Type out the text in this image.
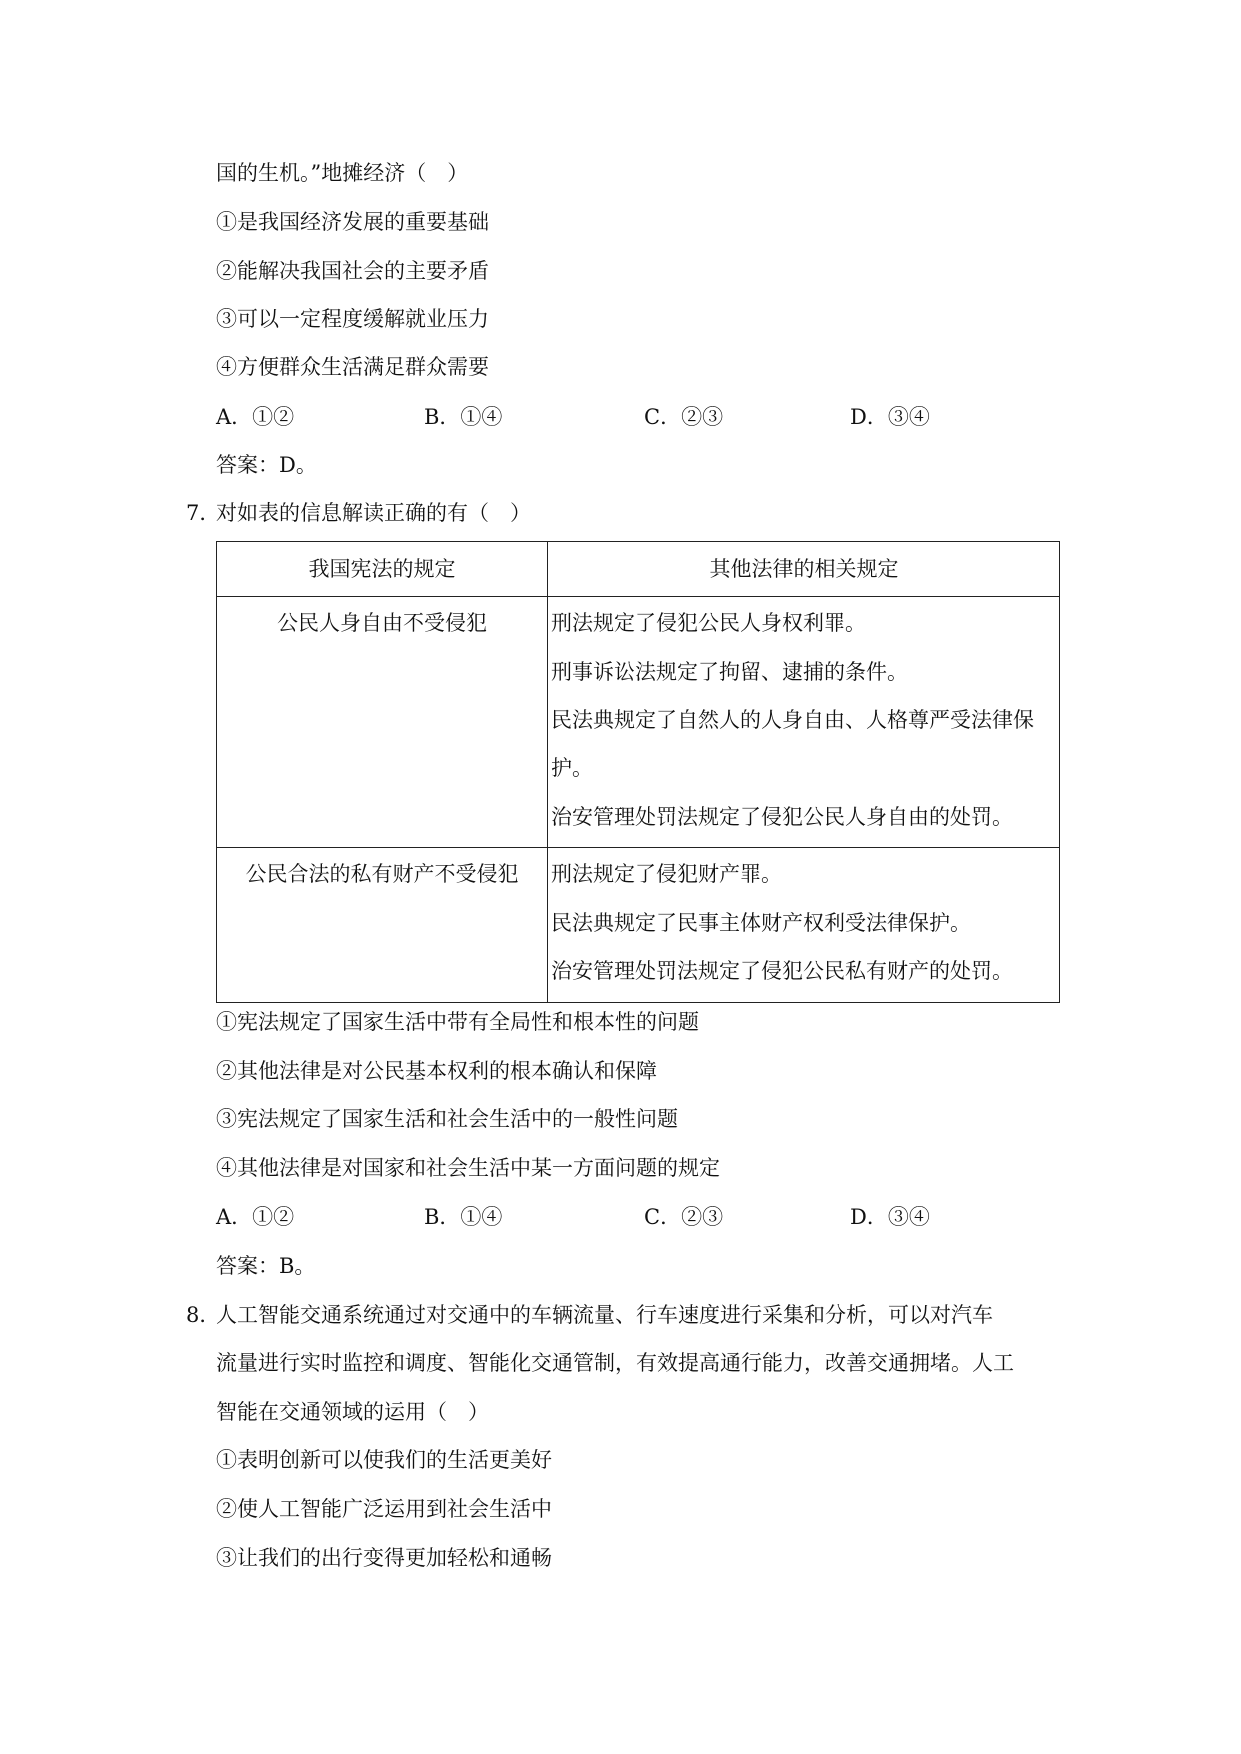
国的生机。”地摊经济（　）
①是我国经济发展的重要基础
②能解决我国社会的主要矛盾
③可以一定程度缓解就业压力
④方便群众生活满足群众需要
A．①②	B．①④	C．②③	D．③④
答案：D。
7．
对如表的信息解读正确的有（　）
我国宪法的规定	其他法律的相关规定
公民人身自由不受侵犯	刑法规定了侵犯公民人身权利罪。
刑事诉讼法规定了拘留、逮捕的条件。
民法典规定了自然人的人身自由、人格尊严受法律保
护。
治安管理处罚法规定了侵犯公民人身自由的处罚。
公民合法的私有财产不受侵犯	刑法规定了侵犯财产罪。
民法典规定了民事主体财产权利受法律保护。
治安管理处罚法规定了侵犯公民私有财产的处罚。
①宪法规定了国家生活中带有全局性和根本性的问题
②其他法律是对公民基本权利的根本确认和保障
③宪法规定了国家生活和社会生活中的一般性问题
④其他法律是对国家和社会生活中某一方面问题的规定
A．①②	B．①④	C．②③	D．③④
答案：B。
8．
人工智能交通系统通过对交通中的车辆流量、行车速度进行采集和分析，可以对汽车
流量进行实时监控和调度、智能化交通管制，有效提高通行能力，改善交通拥堵。人工
智能在交通领域的运用（　）
①表明创新可以使我们的生活更美好
②使人工智能广泛运用到社会生活中
③让我们的出行变得更加轻松和通畅
